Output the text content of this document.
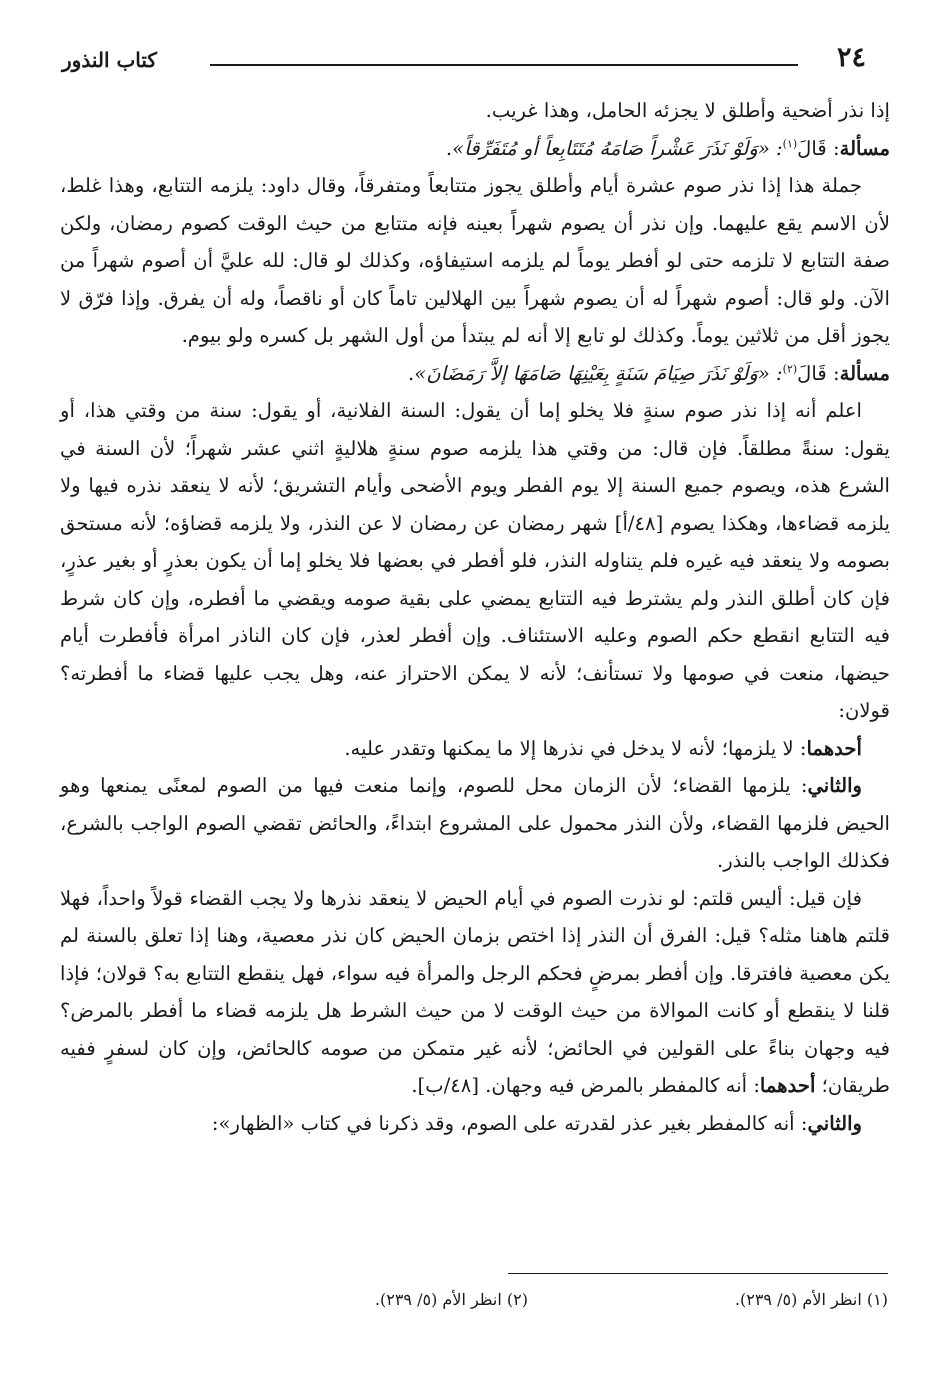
٢٤
كتاب النذور

إذا نذر أضحية وأطلق لا يجزئه الحامل، وهذا غريب.

مسألة: قَالَ$^{(١)}$: «وَلَوْ نَذَرَ عَشْراً صَامَهُ مُتَتَابِعاً أو مُتَفَرِّقاً».

جملة هذا إذا نذر صوم عشرة أيام وأطلق يجوز متتابعاً ومتفرقاً، وقال داود: يلزمه التتابع، وهذا غلط، لأن الاسم يقع عليهما. وإن نذر أن يصوم شهراً بعينه فإنه متتابع من حيث الوقت كصوم رمضان، ولكن صفة التتابع لا تلزمه حتى لو أفطر يوماً لم يلزمه استيفاؤه، وكذلك لو قال: لله عليَّ أن أصوم شهراً من الآن. ولو قال: أصوم شهراً له أن يصوم شهراً بين الهلالين تاماً كان أو ناقصاً، وله أن يفرق. وإذا فرّق لا يجوز أقل من ثلاثين يوماً. وكذلك لو تابع إلا أنه لم يبتدأ من أول الشهر بل كسره ولو بيوم.

مسألة: قَالَ$^{(٢)}$: «وَلَوْ نَذَرَ صِيَامَ سَنَةٍ بِعَيْنِهَا صَامَهَا إلاَّ رَمَضَانَ».

اعلم أنه إذا نذر صوم سنةٍ فلا يخلو إما أن يقول: السنة الفلانية، أو يقول: سنة من وقتي هذا، أو يقول: سنةً مطلقاً. فإن قال: من وقتي هذا يلزمه صوم سنةٍ هلاليةٍ اثني عشر شهراً؛ لأن السنة في الشرع هذه، ويصوم جميع السنة إلا يوم الفطر ويوم الأضحى وأيام التشريق؛ لأنه لا ينعقد نذره فيها ولا يلزمه قضاءها، وهكذا يصوم [٤٨/أ] شهر رمضان عن رمضان لا عن النذر، ولا يلزمه قضاؤه؛ لأنه مستحق بصومه ولا ينعقد فيه غيره فلم يتناوله النذر، فلو أفطر في بعضها فلا يخلو إما أن يكون بعذرٍ أو بغير عذرٍ، فإن كان أطلق النذر ولم يشترط فيه التتابع يمضي على بقية صومه ويقضي ما أفطره، وإن كان شرط فيه التتابع انقطع حكم الصوم وعليه الاستئناف. وإن أفطر لعذر، فإن كان الناذر امرأة فأفطرت أيام حيضها، منعت في صومها ولا تستأنف؛ لأنه لا يمكن الاحتراز عنه، وهل يجب عليها قضاء ما أفطرته؟ قولان:

أحدهما: لا يلزمها؛ لأنه لا يدخل في نذرها إلا ما يمكنها وتقدر عليه.

والثاني: يلزمها القضاء؛ لأن الزمان محل للصوم، وإنما منعت فيها من الصوم لمعنًى يمنعها وهو الحيض فلزمها القضاء، ولأن النذر محمول على المشروع ابتداءً، والحائض تقضي الصوم الواجب بالشرع، فكذلك الواجب بالنذر.

فإن قيل: أليس قلتم: لو نذرت الصوم في أيام الحيض لا ينعقد نذرها ولا يجب القضاء قولاً واحداً، فهلا قلتم هاهنا مثله؟ قيل: الفرق أن النذر إذا اختص بزمان الحيض كان نذر معصية، وهنا إذا تعلق بالسنة لم يكن معصية فافترقا. وإن أفطر بمرضٍ فحكم الرجل والمرأة فيه سواء، فهل ينقطع التتابع به؟ قولان؛ فإذا قلنا لا ينقطع أو كانت الموالاة من حيث الوقت لا من حيث الشرط هل يلزمه قضاء ما أفطر بالمرض؟ فيه وجهان بناءً على القولين في الحائض؛ لأنه غير متمكن من صومه كالحائض، وإن كان لسفرٍ ففيه طريقان؛ أحدهما: أنه كالمفطر بالمرض فيه وجهان. [٤٨/ب].

والثاني: أنه كالمفطر بغير عذر لقدرته على الصوم، وقد ذكرنا في كتاب «الظهار»:

(١) انظر الأم (٥/ ٢٣٩).
(٢) انظر الأم (٥/ ٢٣٩).
